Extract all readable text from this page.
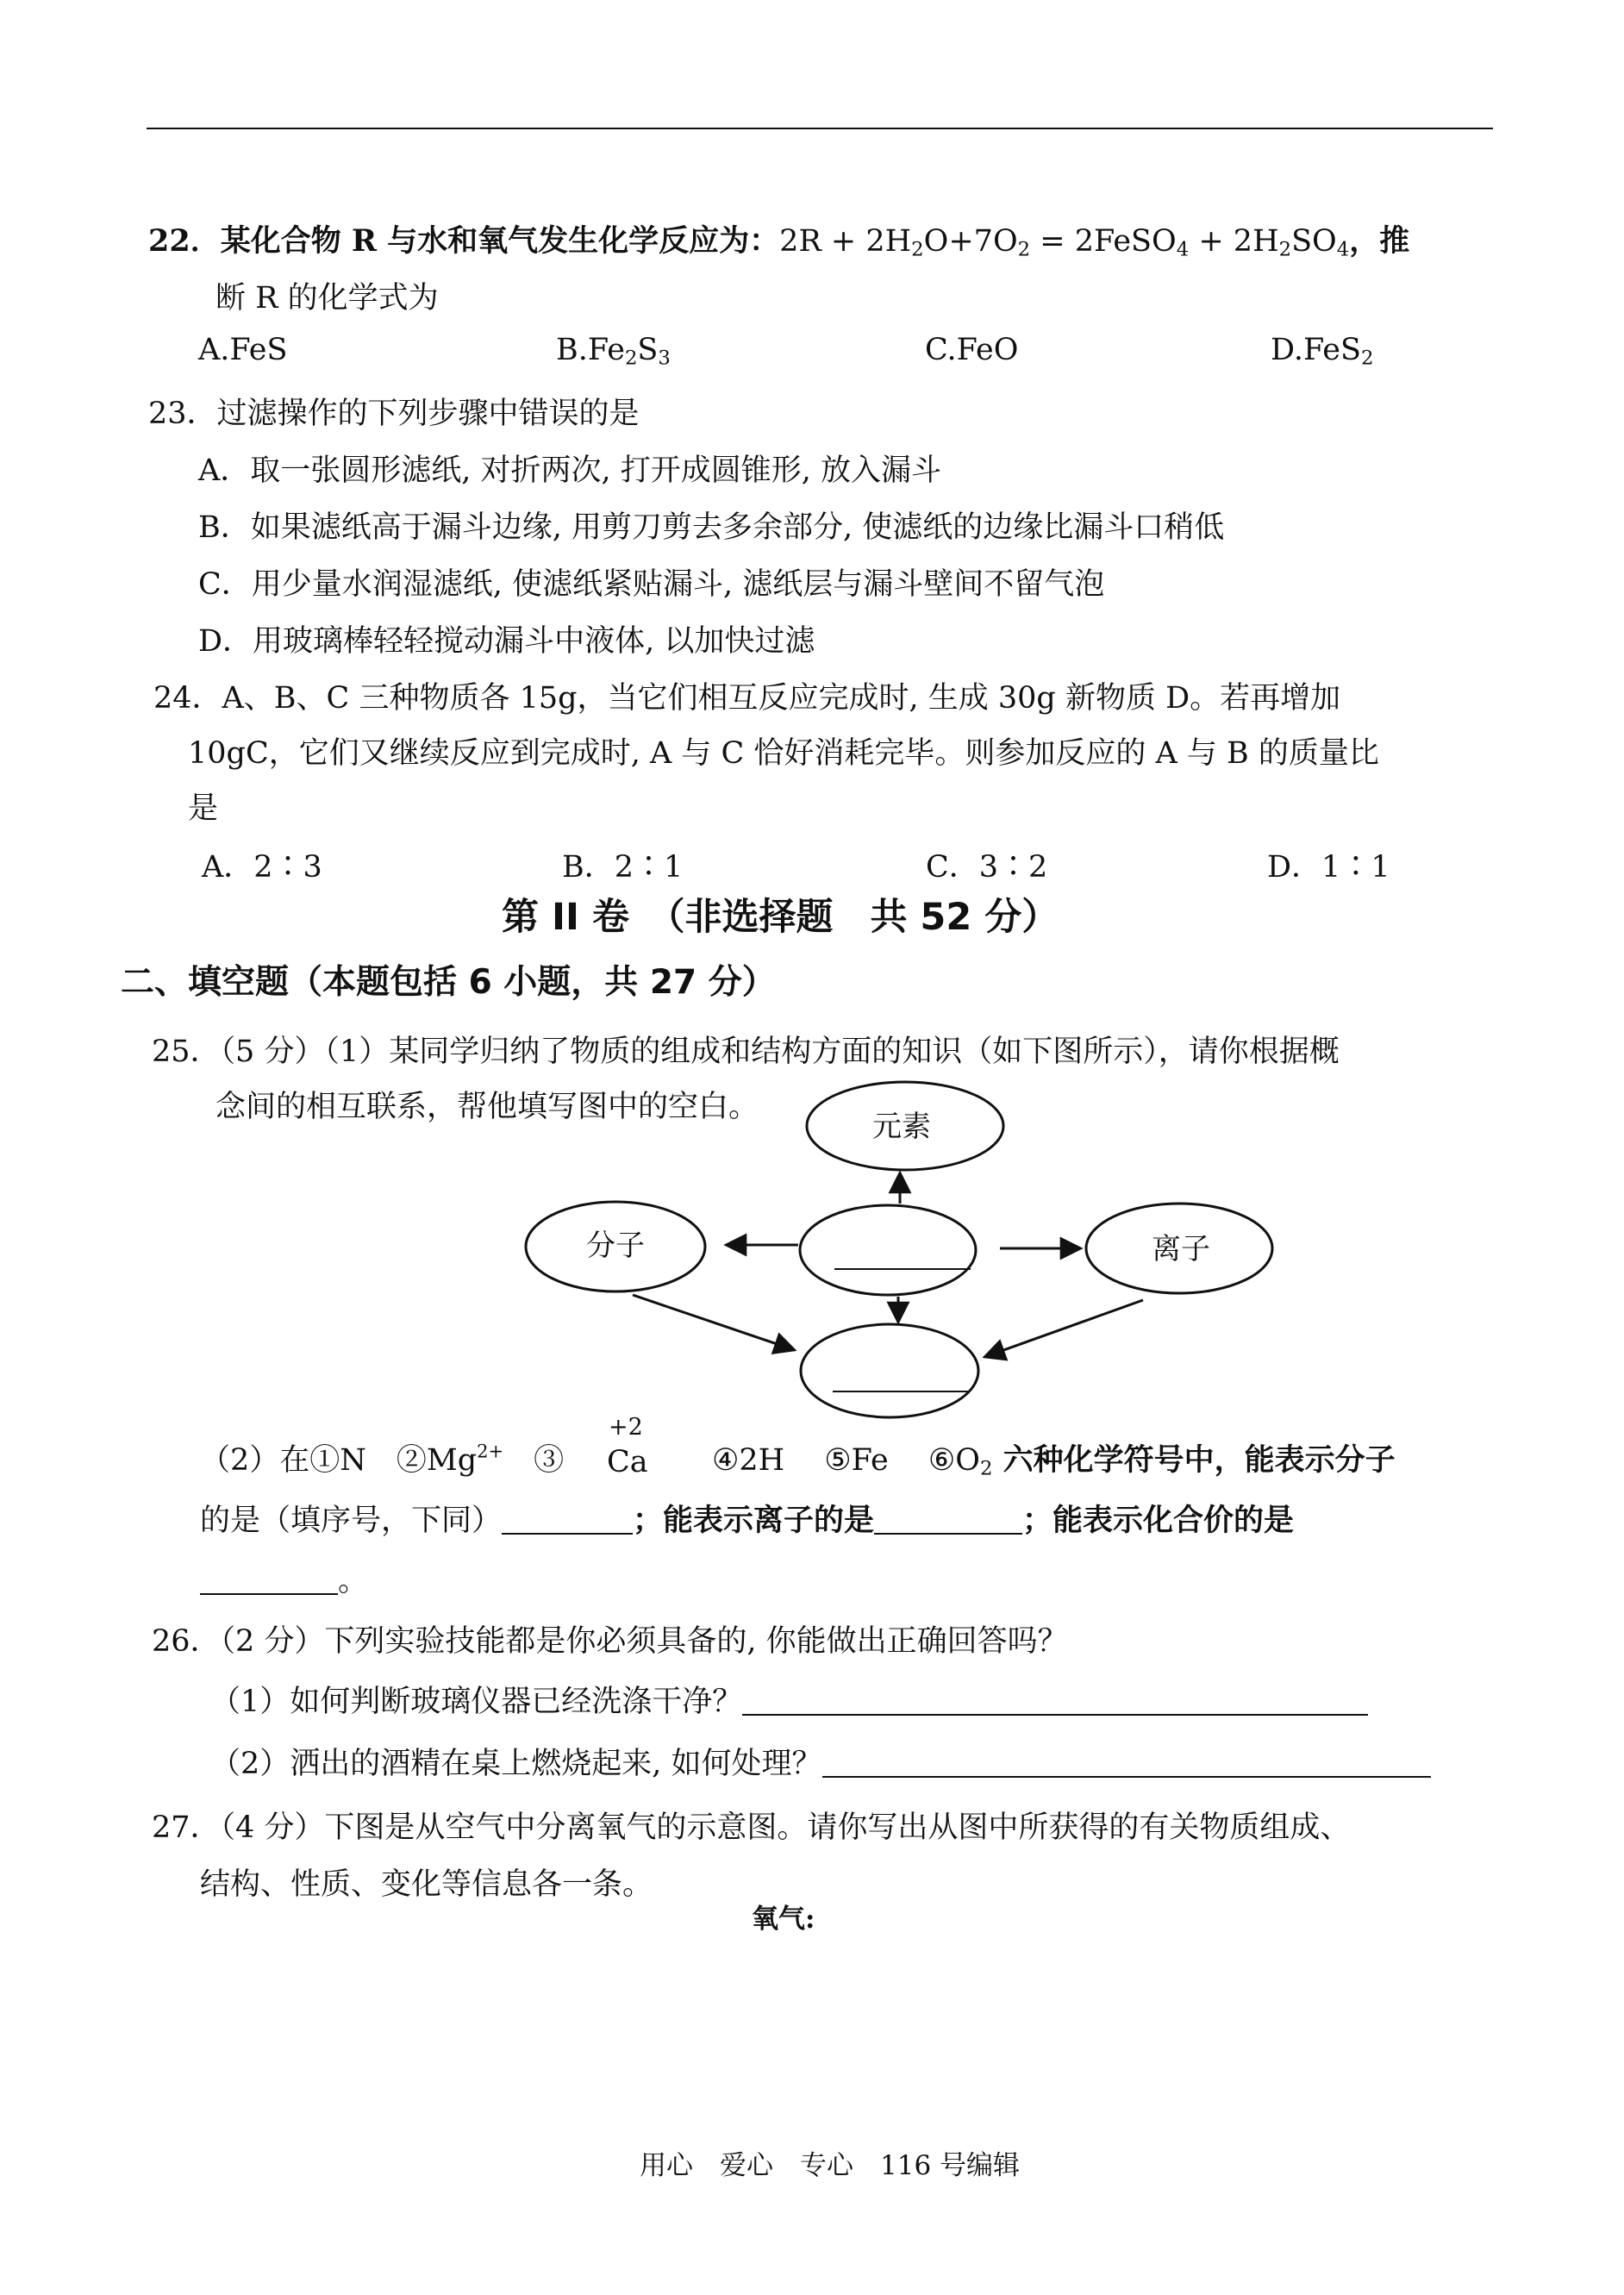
22．某化合物 R 与水和氧气发生化学反应为：$2R + 2H_2O+7O_2$ = 2FeSO$_4$ + $2H_2SO_4$，推
断 R 的化学式为
A.FeS	$B.Fe_2S_3$	C.FeO	D.FeS$_2$
23．过滤操作的下列步骤中错误的是
A．取一张圆形滤纸, 对折两次, 打开成圆锥形, 放入漏斗
B．如果滤纸高于漏斗边缘, 用剪刀剪去多余部分, 使滤纸的边缘比漏斗口稍低
C．用少量水润湿滤纸, 使滤纸紧贴漏斗, 滤纸层与漏斗壁间不留气泡
D．用玻璃棒轻轻搅动漏斗中液体, 以加快过滤
24．A、B、C 三种物质各 15g，当它们相互反应完成时, 生成 30g 新物质 D。若再增加
10gC，它们又继续反应到完成时, A 与 C 恰好消耗完毕。则参加反应的 A 与 B 的质量比
是
A．2∶3	B．2∶1	C．3∶2	D．1∶1
第 II 卷　（非选择题　共 52 分）
二、填空题（本题包括 6 小题，共 27 分）
25．（5 分）（1）某同学归纳了物质的组成和结构方面的知识（如下图所示），请你根据概
念间的相互联系，帮他填写图中的空白。
元素
分子	离子
（2）在①N　$②Mg^{2+}$　③
+2
Ca ④2H　 ⑤Fe　 $⑥O_2$ 六种化学符号中，能表示分子
的是（填序号，下同）	；能表示离子的是	；能表示化合价的是
。
26．（2 分）下列实验技能都是你必须具备的, 你能做出正确回答吗？
（1）如何判断玻璃仪器已经洗涤干净？
（2）洒出的酒精在桌上燃烧起来, 如何处理？
27．（4 分）下图是从空气中分离氧气的示意图。请你写出从图中所获得的有关物质组成、
结构、性质、变化等信息各一条。
氧气:
用心　爱心　专心　116 号编辑
